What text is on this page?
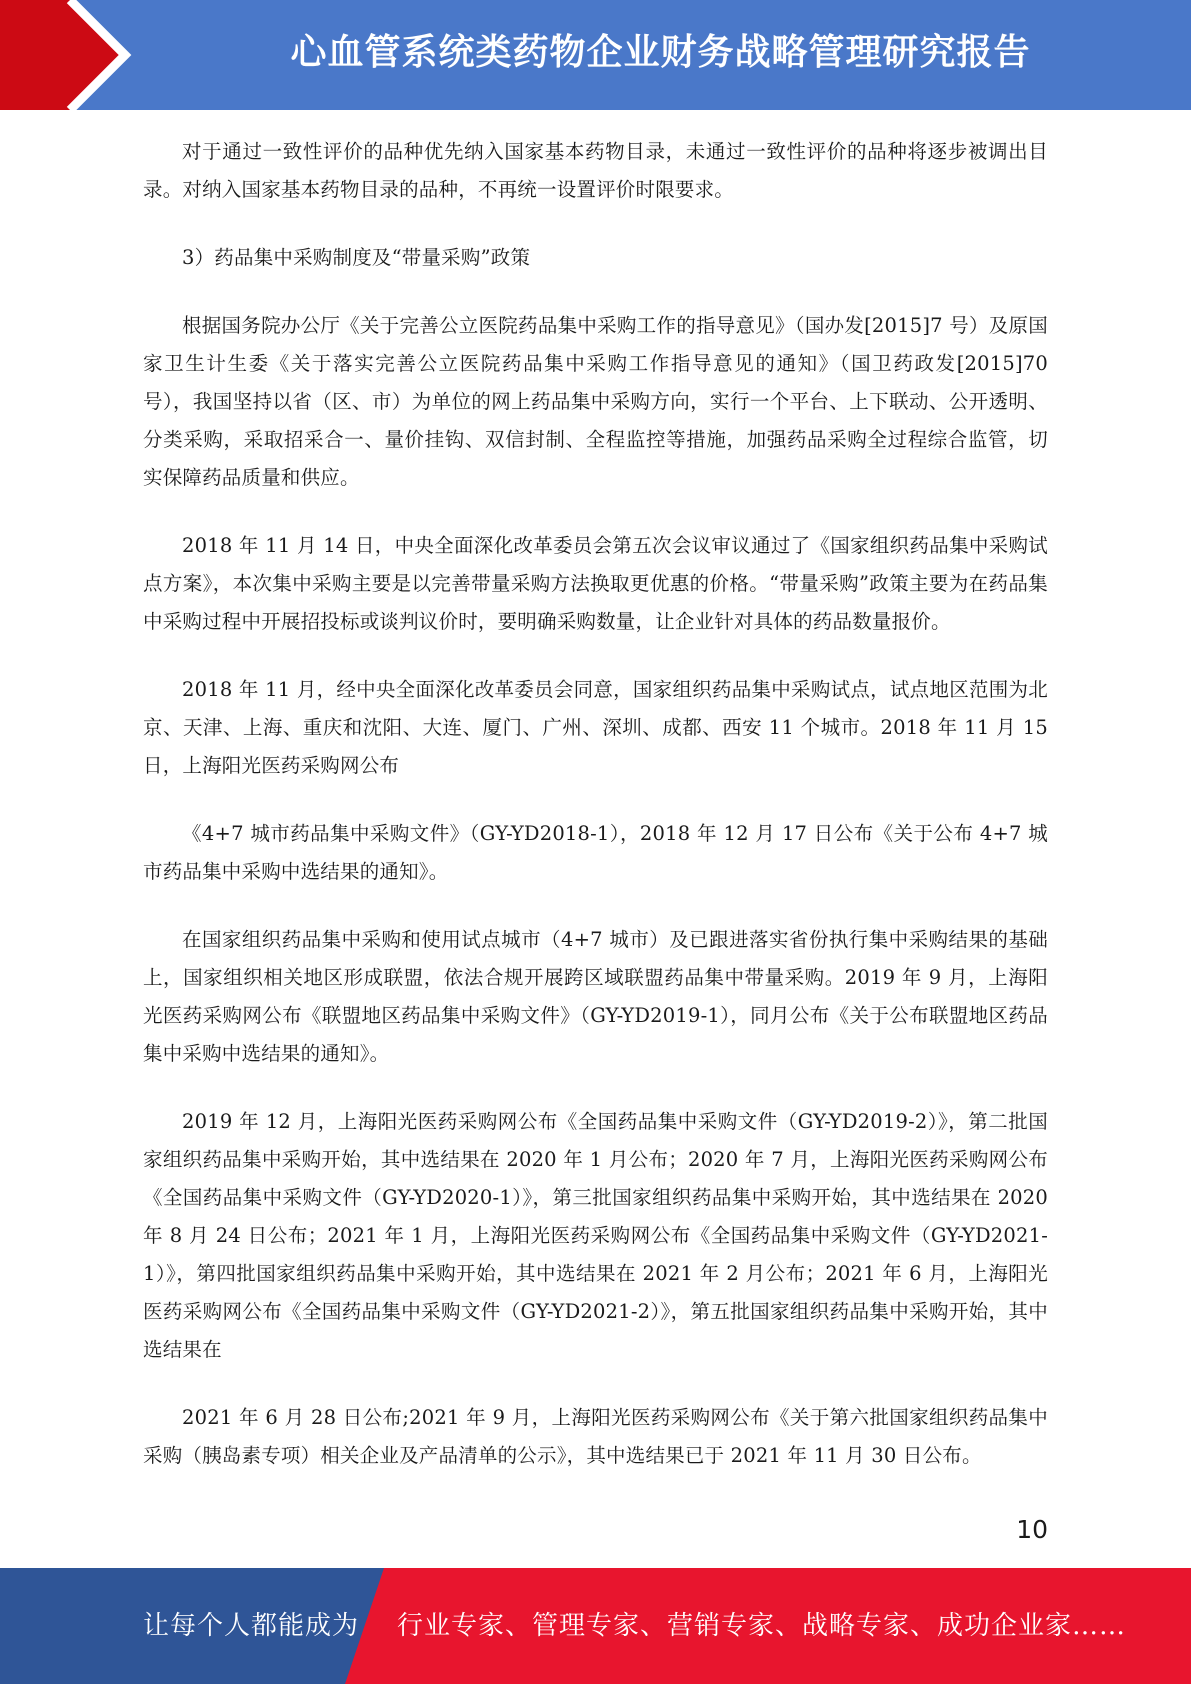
心血管系统类药物企业财务战略管理研究报告

对于通过一致性评价的品种优先纳入国家基本药物目录，未通过一致性评价的品种将逐步被调出目录。对纳入国家基本药物目录的品种，不再统一设置评价时限要求。

3）药品集中采购制度及“带量采购”政策

根据国务院办公厅《关于完善公立医院药品集中采购工作的指导意见》（国办发[2015]7 号）及原国家卫生计生委《关于落实完善公立医院药品集中采购工作指导意见的通知》（国卫药政发[2015]70 号），我国坚持以省（区、市）为单位的网上药品集中采购方向，实行一个平台、上下联动、公开透明、分类采购，采取招采合一、量价挂钩、双信封制、全程监控等措施，加强药品采购全过程综合监管，切实保障药品质量和供应。

2018 年 11 月 14 日，中央全面深化改革委员会第五次会议审议通过了《国家组织药品集中采购试点方案》，本次集中采购主要是以完善带量采购方法换取更优惠的价格。“带量采购”政策主要为在药品集中采购过程中开展招投标或谈判议价时，要明确采购数量，让企业针对具体的药品数量报价。

2018 年 11 月，经中央全面深化改革委员会同意，国家组织药品集中采购试点，试点地区范围为北京、天津、上海、重庆和沈阳、大连、厦门、广州、深圳、成都、西安 11 个城市。2018 年 11 月 15 日，上海阳光医药采购网公布

《4+7 城市药品集中采购文件》（GY-YD2018-1），2018 年 12 月 17 日公布《关于公布 4+7 城市药品集中采购中选结果的通知》。

在国家组织药品集中采购和使用试点城市（4+7 城市）及已跟进落实省份执行集中采购结果的基础上，国家组织相关地区形成联盟，依法合规开展跨区域联盟药品集中带量采购。2019 年 9 月，上海阳光医药采购网公布《联盟地区药品集中采购文件》（GY-YD2019-1），同月公布《关于公布联盟地区药品集中采购中选结果的通知》。

2019 年 12 月，上海阳光医药采购网公布《全国药品集中采购文件（GY-YD2019-2）》，第二批国家组织药品集中采购开始，其中选结果在 2020 年 1 月公布；2020 年 7 月，上海阳光医药采购网公布《全国药品集中采购文件（GY-YD2020-1）》，第三批国家组织药品集中采购开始，其中选结果在 2020 年 8 月 24 日公布；2021 年 1 月，上海阳光医药采购网公布《全国药品集中采购文件（GY-YD2021-1）》，第四批国家组织药品集中采购开始，其中选结果在 2021 年 2 月公布；2021 年 6 月，上海阳光医药采购网公布《全国药品集中采购文件（GY-YD2021-2）》，第五批国家组织药品集中采购开始，其中选结果在

2021 年 6 月 28 日公布;2021 年 9 月，上海阳光医药采购网公布《关于第六批国家组织药品集中采购（胰岛素专项）相关企业及产品清单的公示》，其中选结果已于 2021 年 11 月 30 日公布。

10
让每个人都能成为 行业专家、管理专家、营销专家、战略专家、成功企业家……
